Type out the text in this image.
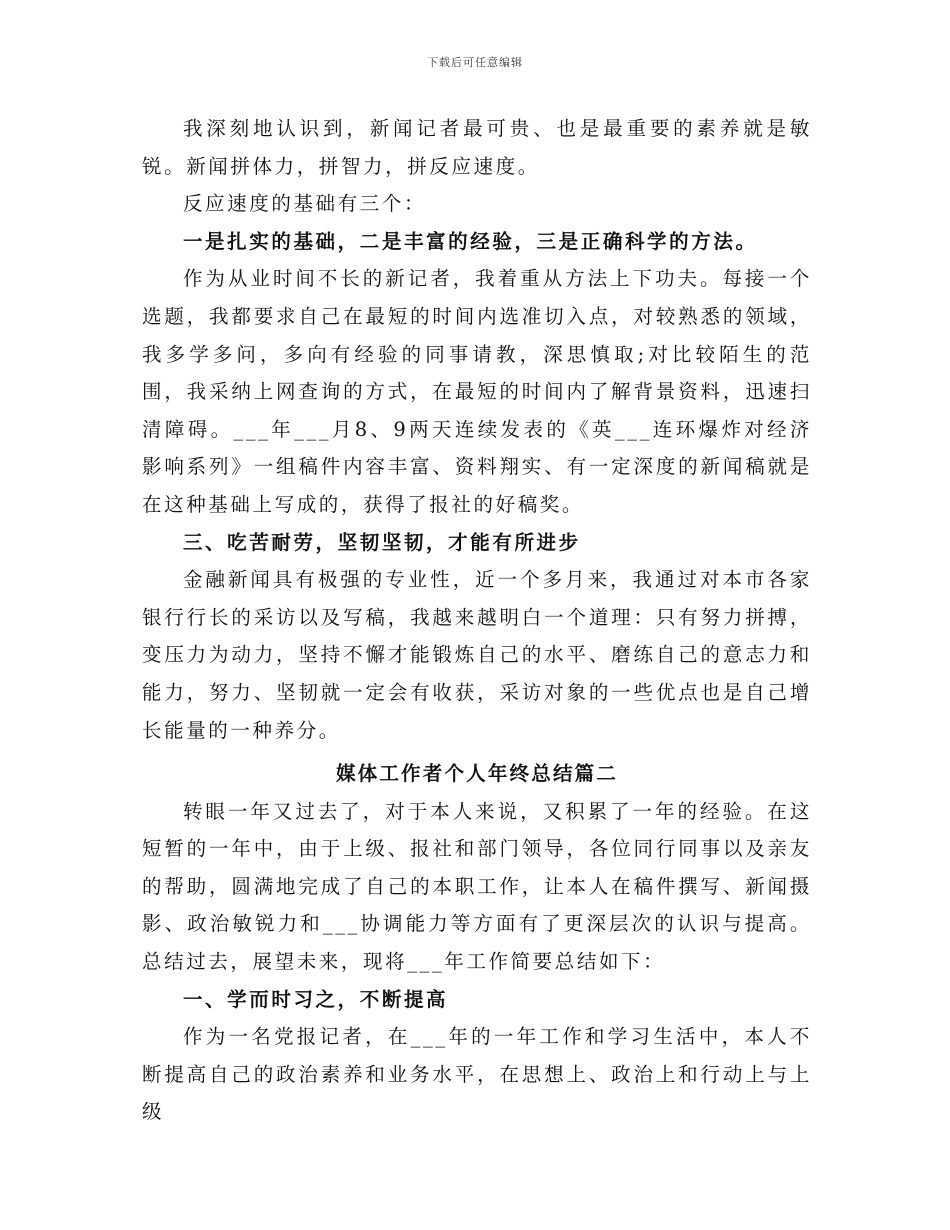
下载后可任意编辑

我深刻地认识到，新闻记者最可贵、也是最重要的素养就是敏锐。新闻拼体力，拼智力，拼反应速度。

反应速度的基础有三个：

一是扎实的基础，二是丰富的经验，三是正确科学的方法。

作为从业时间不长的新记者，我着重从方法上下功夫。每接一个选题，我都要求自己在最短的时间内选准切入点，对较熟悉的领域，我多学多问，多向有经验的同事请教，深思慎取;对比较陌生的范围，我采纳上网查询的方式，在最短的时间内了解背景资料，迅速扫清障碍。___年___月8、9两天连续发表的《英___连环爆炸对经济影响系列》一组稿件内容丰富、资料翔实、有一定深度的新闻稿就是在这种基础上写成的，获得了报社的好稿奖。

三、吃苦耐劳，坚韧坚韧，才能有所进步

金融新闻具有极强的专业性，近一个多月来，我通过对本市各家银行行长的采访以及写稿，我越来越明白一个道理：只有努力拼搏，变压力为动力，坚持不懈才能锻炼自己的水平、磨练自己的意志力和能力，努力、坚韧就一定会有收获，采访对象的一些优点也是自己增长能量的一种养分。

媒体工作者个人年终总结篇二

转眼一年又过去了，对于本人来说，又积累了一年的经验。在这短暂的一年中，由于上级、报社和部门领导，各位同行同事以及亲友的帮助，圆满地完成了自己的本职工作，让本人在稿件撰写、新闻摄影、政治敏锐力和___协调能力等方面有了更深层次的认识与提高。总结过去，展望未来，现将___年工作简要总结如下：

一、学而时习之，不断提高

作为一名党报记者，在___年的一年工作和学习生活中，本人不断提高自己的政治素养和业务水平，在思想上、政治上和行动上与上级
